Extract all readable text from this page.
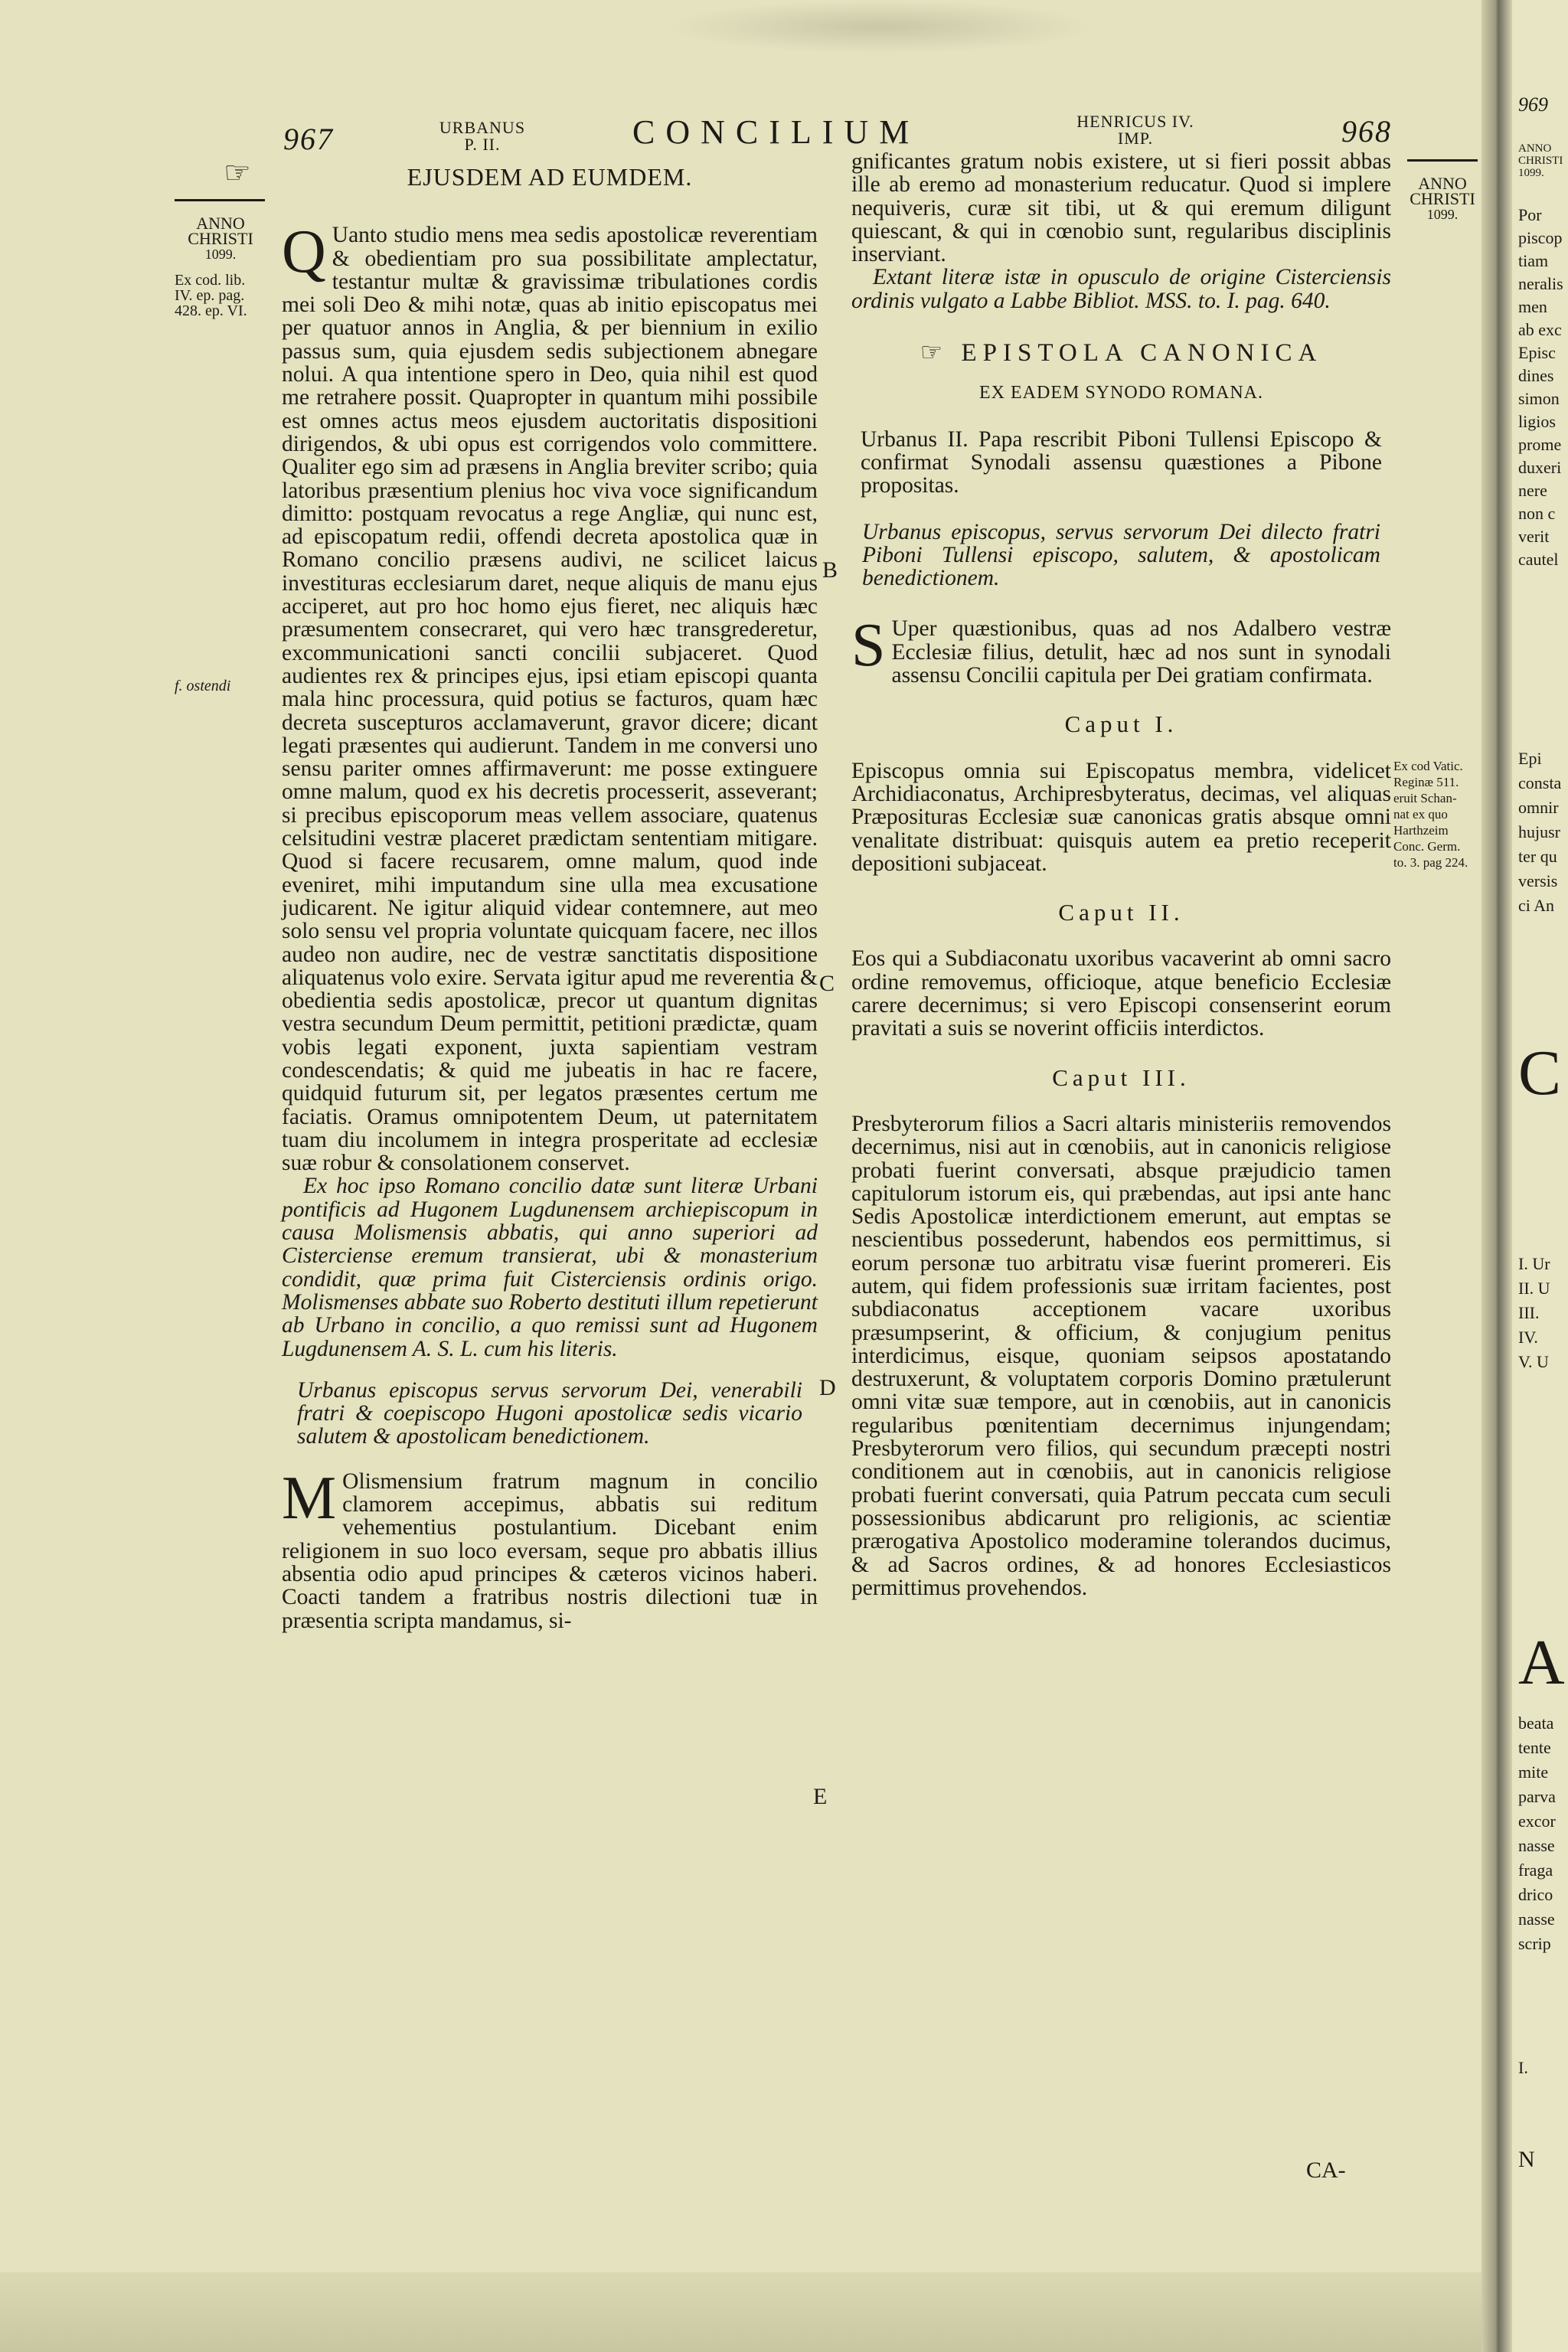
967	URBANUS
P. II.	CONCILIUM	HENRICUS IV.
IMP.	968
☞
ANNO
CHRISTI
1099.
Ex cod. lib.
IV. ep. pag.
428. ep. VI.
f. ostendi
B
C
D
E
EJUSDEM AD EUMDEM.

Q Uanto studio mens mea sedis apostolicæ reverentiam & obedientiam pro sua possibilitate amplectatur, testantur multæ & gravissimæ tribulationes cordis mei soli Deo & mihi notæ, quas ab initio episcopatus mei per quatuor annos in Anglia, & per biennium in exilio passus sum, quia ejusdem sedis subjectionem abnegare nolui. A qua intentione spero in Deo, quia nihil est quod me retrahere possit. Quapropter in quantum mihi possibile est omnes actus meos ejusdem auctoritatis dispositioni dirigendos, & ubi opus est corrigendos volo committere. Qualiter ego sim ad præsens in Anglia breviter scribo; quia latoribus præsentium plenius hoc viva voce significandum dimitto: postquam revocatus a rege Angliæ, qui nunc est, ad episcopatum redii, offendi decreta apostolica quæ in Romano concilio præsens audivi, ne scilicet laicus investituras ecclesiarum daret, neque aliquis de manu ejus acciperet, aut pro hoc homo ejus fieret, nec aliquis hæc præsumentem consecraret, qui vero hæc transgrederetur, excommunicationi sancti concilii subjaceret. Quod audientes rex & principes ejus, ipsi etiam episcopi quanta mala hinc processura, quid potius se facturos, quam hæc decreta suscepturos acclamaverunt, gravor dicere; dicant legati præsentes qui audierunt. Tandem in me conversi uno sensu pariter omnes affirmaverunt: me posse extinguere omne malum, quod ex his decretis processerit, asseverant; si precibus episcoporum meas vellem associare, quatenus celsitudini vestræ placeret prædictam sententiam mitigare. Quod si facere recusarem, omne malum, quod inde eveniret, mihi imputandum sine ulla mea excusatione judicarent. Ne igitur aliquid videar contemnere, aut meo solo sensu vel propria voluntate quicquam facere, nec illos audeo non audire, nec de vestræ sanctitatis dispositione aliquatenus volo exire. Servata igitur apud me reverentia & obedientia sedis apostolicæ, precor ut quantum dignitas vestra secundum Deum permittit, petitioni prædictæ, quam vobis legati exponent, juxta sapientiam vestram condescendatis; & quid me jubeatis in hac re facere, quidquid futurum sit, per legatos præsentes certum me faciatis. Oramus omnipotentem Deum, ut paternitatem tuam diu incolumem in integra prosperitate ad ecclesiæ suæ robur & consolationem conservet.

Ex hoc ipso Romano concilio datæ sunt literæ Urbani pontificis ad Hugonem Lugdunensem archiepiscopum in causa Molismensis abbatis, qui anno superiori ad Cisterciense eremum transierat, ubi & monasterium condidit, quæ prima fuit Cisterciensis ordinis origo. Molismenses abbate suo Roberto destituti illum repetierunt ab Urbano in concilio, a quo remissi sunt ad Hugonem Lugdunensem A. S. L. cum his literis.

Urbanus episcopus servus servorum Dei, venerabili fratri & coepiscopo Hugoni apostolicæ sedis vicario salutem & apostolicam benedictionem.

M Olismensium fratrum magnum in concilio clamorem accepimus, abbatis sui reditum vehementius postulantium. Dicebant enim religionem in suo loco eversam, seque pro abbatis illius absentia odio apud principes & cæteros vicinos haberi. Coacti tandem a fratribus nostris dilectioni tuæ in præsentia scripta mandamus, si-

gnificantes gratum nobis existere, ut si fieri possit abbas ille ab eremo ad monasterium reducatur. Quod si implere nequiveris, curæ sit tibi, ut & qui eremum diligunt quiescant, & qui in cœnobio sunt, regularibus disciplinis inserviant.

Extant literæ istæ in opusculo de origine Cisterciensis ordinis vulgato a Labbe Bibliot. MSS. to. I. pag. 640.

☞ EPISTOLA CANONICA
EX EADEM SYNODO ROMANA.

Urbanus II. Papa rescribit Piboni Tullensi Episcopo & confirmat Synodali assensu quæstiones a Pibone propositas.

Urbanus episcopus, servus servorum Dei dilecto fratri Piboni Tullensi episcopo, salutem, & apostolicam benedictionem.

S Uper quæstionibus, quas ad nos Adalbero vestræ Ecclesiæ filius, detulit, hæc ad nos sunt in synodali assensu Concilii capitula per Dei gratiam confirmata.

Caput I.

Episcopus omnia sui Episcopatus membra, videlicet Archidiaconatus, Archipresbyteratus, decimas, vel aliquas Præposituras Ecclesiæ suæ canonicas gratis absque omni venalitate distribuat: quisquis autem ea pretio receperit depositioni subjaceat.

Caput II.

Eos qui a Subdiaconatu uxoribus vacaverint ab omni sacro ordine removemus, officioque, atque beneficio Ecclesiæ carere decernimus; si vero Episcopi consenserint eorum pravitati a suis se noverint officiis interdictos.

Caput III.

Presbyterorum filios a Sacri altaris ministeriis removendos decernimus, nisi aut in cœnobiis, aut in canonicis religiose probati fuerint conversati, absque præjudicio tamen capitulorum istorum eis, qui præbendas, aut ipsi ante hanc Sedis Apostolicæ interdictionem emerunt, aut emptas se nescientibus possederunt, habendos eos permittimus, si eorum personæ tuo arbitratu visæ fuerint promereri. Eis autem, qui fidem professionis suæ irritam facientes, post subdiaconatus acceptionem vacare uxoribus præsumpserint, & officium, & conjugium penitus interdicimus, eisque, quoniam seipsos apostatando destruxerunt, & voluptatem corporis Domino prætulerunt omni vitæ suæ tempore, aut in cœnobiis, aut in canonicis regularibus pœnitentiam decernimus injungendam; Presbyterorum vero filios, qui secundum præcepti nostri conditionem aut in cœnobiis, aut in canonicis religiose probati fuerint conversati, quia Patrum peccata cum seculi possessionibus abdicarunt pro religionis, ac scientiæ prærogativa Apostolico moderamine tolerandos ducimus, & ad Sacros ordines, & ad honores Ecclesiasticos permittimus provehendos.

ANNO
CHRISTI
1099.
Ex cod Vatic.
Reginæ 511.
eruit Schan-
nat ex quo
Harthzeim
Conc. Germ.
to. 3. pag 224.
CA-
969
ANNO
CHRISTI
1099.
Por
piscop
tiam
neralis
men
ab exc
Episc
dines
simon
ligios
prome
duxeri
nere
non c
verit
cautel
C
Epi
consta
omnir
hujusr
ter qu
versis
ci An
I. Ur
II. U
III.
IV.
V. U
A
beata
tente
mite
parva
excor
nasse
fraga
drico
nasse
scrip
I.
N
